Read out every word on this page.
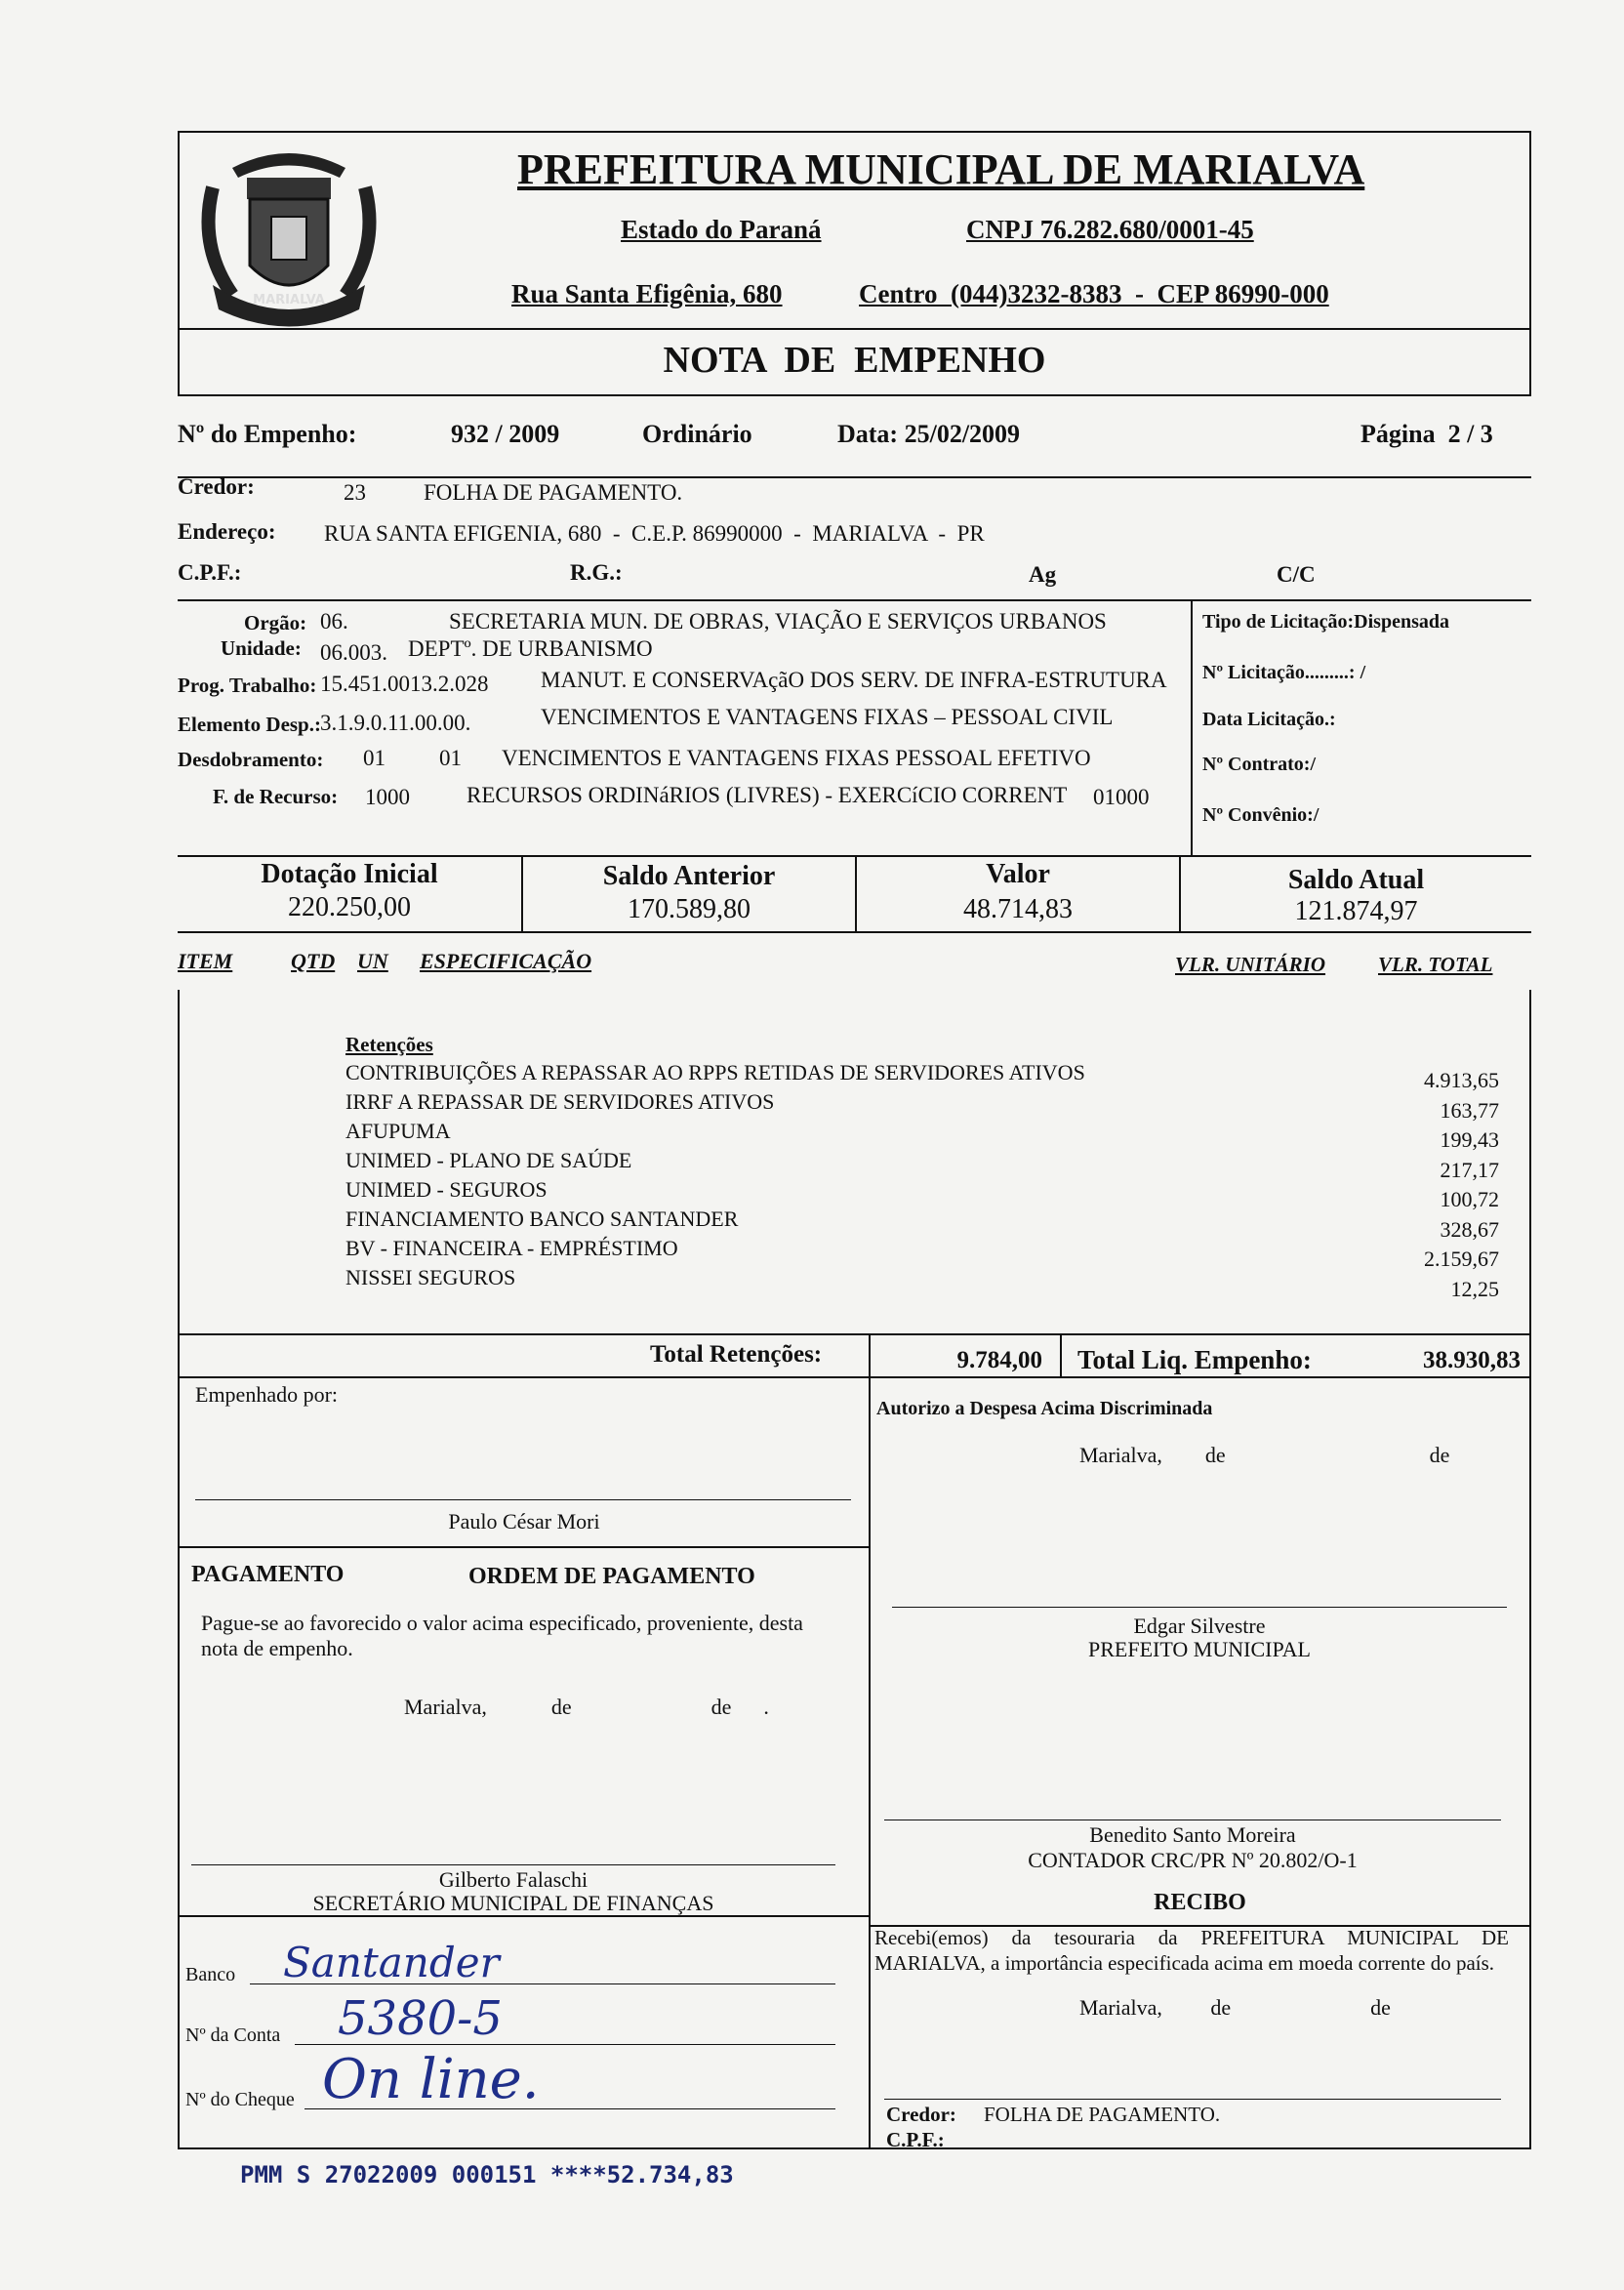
MARIALVA
PREFEITURA MUNICIPAL DE MARIALVA
Estado do Paraná	CNPJ 76.282.680/0001-45
Rua Santa Efigênia, 680	Centro  (044)3232-8383  -  CEP 86990-000
NOTA  DE  EMPENHO
Nº do Empenho:	932 / 2009	Ordinário	Data: 25/02/2009	Página  2 / 3
Credor:	23	FOLHA DE PAGAMENTO.
Endereço: RUA SANTA EFIGENIA, 680  -  C.E.P. 86990000  -  MARIALVA  -  PR
C.P.F.:	R.G.:	Ag	C/C
Orgão: 06.	SECRETARIA MUN. DE OBRAS, VIAÇÃO E SERVIÇOS URBANOS
Unidade: 06.003. DEPTº. DE URBANISMO
Prog. Trabalho: 15.451.0013.2.028 MANUT. E CONSERVAçãO DOS SERV. DE INFRA-ESTRUTURA
Elemento Desp.: 3.1.9.0.11.00.00.	VENCIMENTOS E VANTAGENS FIXAS – PESSOAL CIVIL
Desdobramento: 01 01 VENCIMENTOS E VANTAGENS FIXAS PESSOAL EFETIVO
F. de Recurso: 1000	RECURSOS ORDINáRIOS (LIVRES) - EXERCíCIO CORRENT 01000
Tipo de Licitação:Dispensada
Nº Licitação.........: /
Data Licitação.:
Nº Contrato:/
Nº Convênio:/
Dotação Inicial
220.250,00
Saldo Anterior
170.589,80
Valor
48.714,83
Saldo Atual
121.874,97
ITEM	QTD UN ESPECIFICAÇÃO	VLR. UNITÁRIO	VLR. TOTAL
Retenções
CONTRIBUIÇÕES A REPASSAR AO RPPS RETIDAS DE SERVIDORES ATIVOS	4.913,65
IRRF A REPASSAR DE SERVIDORES ATIVOS	163,77
AFUPUMA	199,43
UNIMED - PLANO DE SAÚDE	217,17
UNIMED - SEGUROS	100,72
FINANCIAMENTO BANCO SANTANDER	328,67
BV - FINANCEIRA - EMPRÉSTIMO	2.159,67
NISSEI SEGUROS	12,25
Total Retenções:	9.784,00 Total Liq. Empenho:	38.930,83
Empenhado por:
Paulo César Mori
Autorizo a Despesa Acima Discriminada
Marialva,        de                                      de
PAGAMENTO	ORDEM DE PAGAMENTO
Pague-se ao favorecido o valor acima especificado, proveniente, desta nota de empenho.
Marialva,            de                          de      .
Edgar Silvestre
PREFEITO MUNICIPAL
Benedito Santo Moreira
CONTADOR CRC/PR Nº 20.802/O-1
Gilberto Falaschi
SECRETÁRIO MUNICIPAL DE FINANÇAS	RECIBO
Recebi(emos) da tesouraria da PREFEITURA MUNICIPAL DE MARIALVA, a importância especificada acima em moeda corrente do país.
Marialva,         de                          de
Banco Santander
Nº da Conta 5380-5
Nº do Cheque On line.
Credor: FOLHA DE PAGAMENTO.
C.P.F.:
PMM S 27022009 000151 ****52.734,83
